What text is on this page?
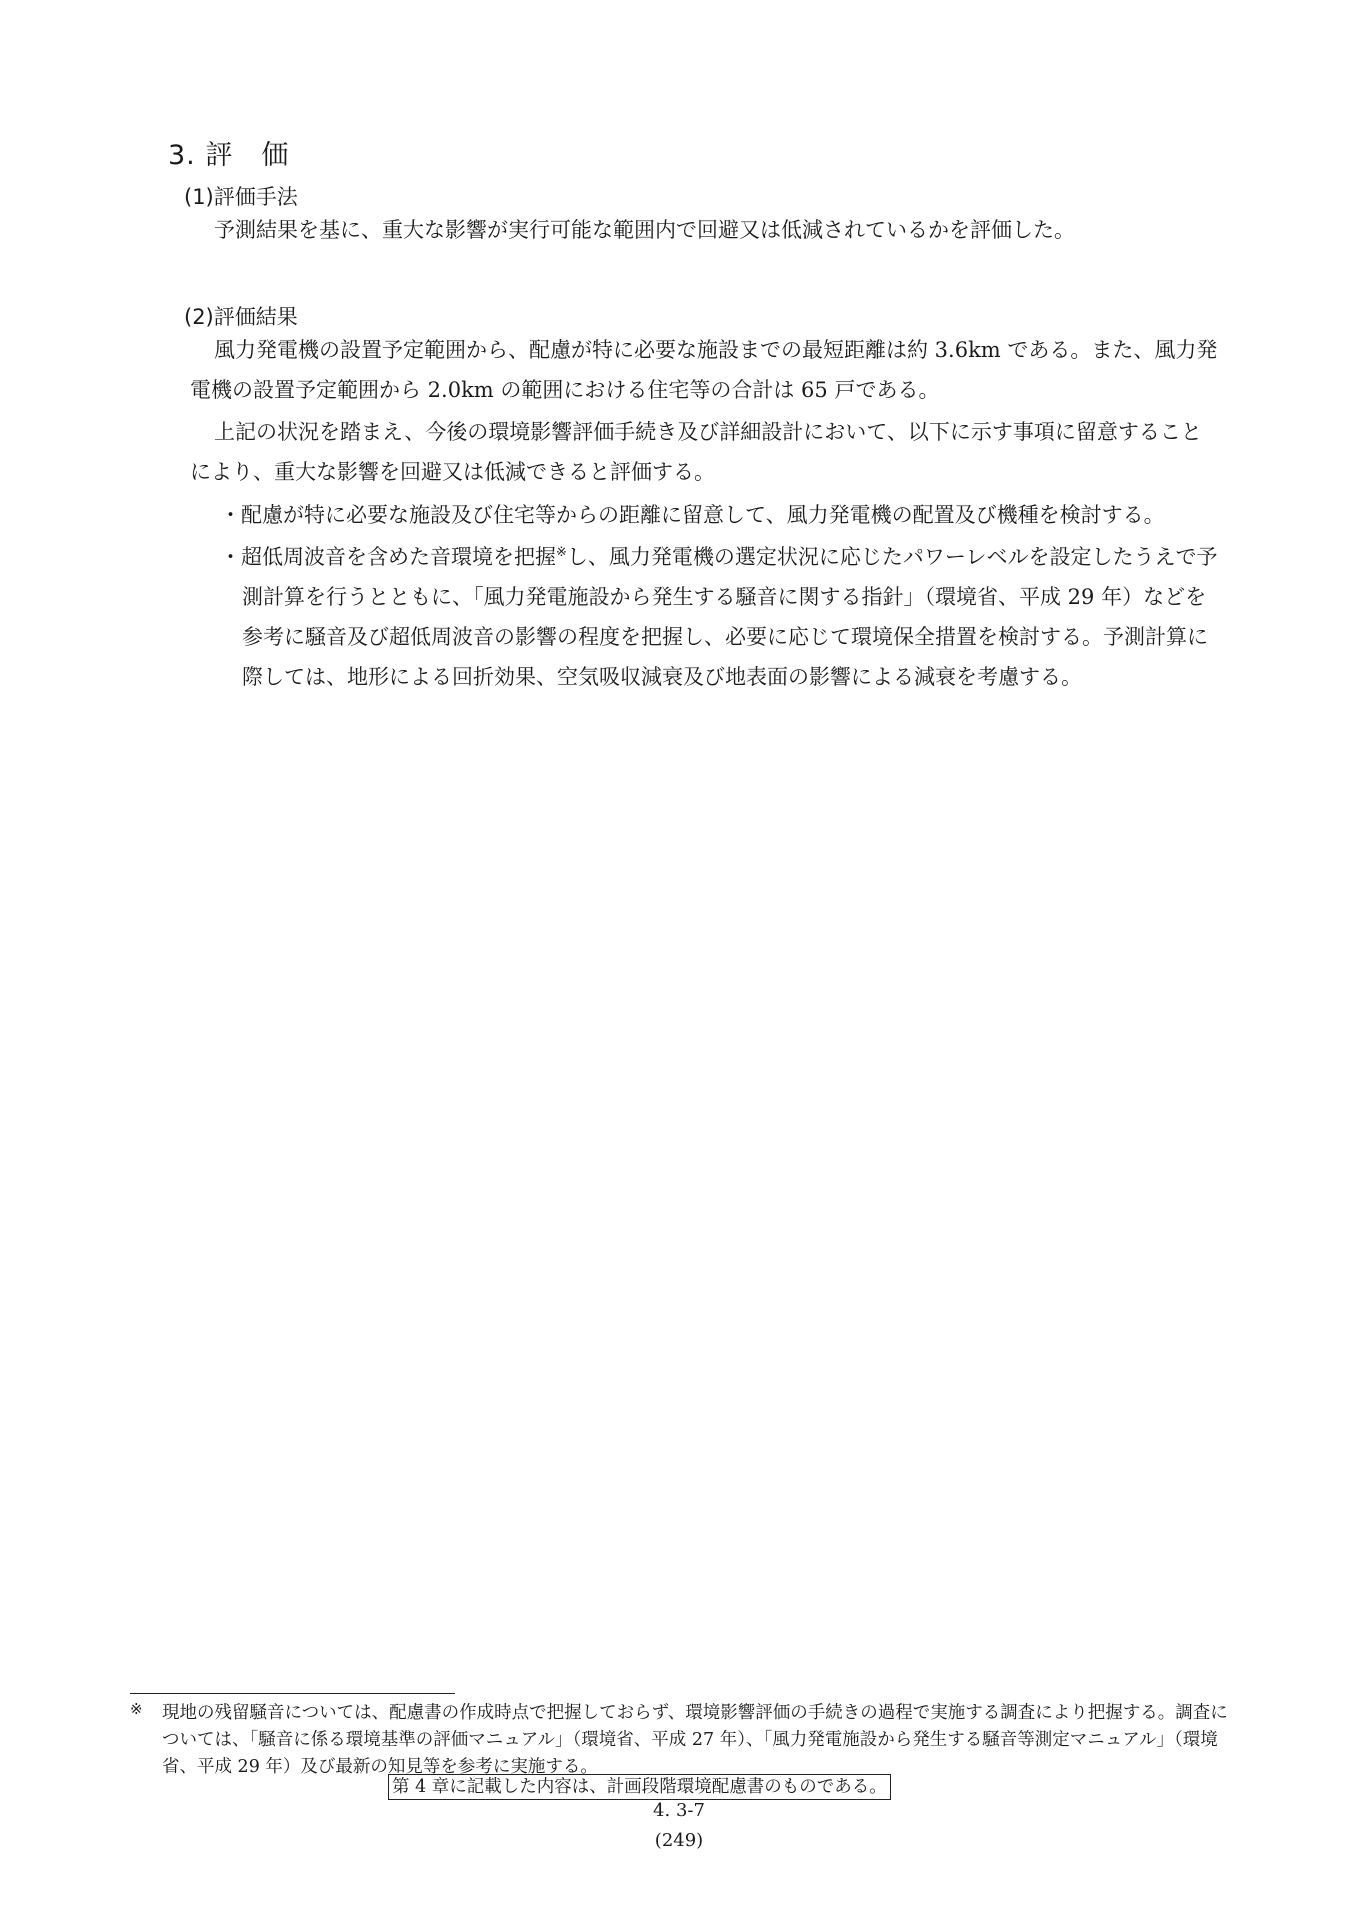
3. 評　価
(1)評価手法

予測結果を基に、重大な影響が実行可能な範囲内で回避又は低減されているかを評価した。

(2)評価結果

風力発電機の設置予定範囲から、配慮が特に必要な施設までの最短距離は約 3.6km である。また、風力発電機の設置予定範囲から 2.0km の範囲における住宅等の合計は 65 戸である。

上記の状況を踏まえ、今後の環境影響評価手続き及び詳細設計において、以下に示す事項に留意することにより、重大な影響を回避又は低減できると評価する。

・配慮が特に必要な施設及び住宅等からの距離に留意して、風力発電機の配置及び機種を検討する。
・超低周波音を含めた音環境を把握※し、風力発電機の選定状況に応じたパワーレベルを設定したうえで予測計算を行うとともに、「風力発電施設から発生する騒音に関する指針」（環境省、平成 29 年）などを参考に騒音及び超低周波音の影響の程度を把握し、必要に応じて環境保全措置を検討する。予測計算に際しては、地形による回折効果、空気吸収減衰及び地表面の影響による減衰を考慮する。
※ 現地の残留騒音については、配慮書の作成時点で把握しておらず、環境影響評価の手続きの過程で実施する調査により把握する。調査については、「騒音に係る環境基準の評価マニュアル」（環境省、平成 27 年）、「風力発電施設から発生する騒音等測定マニュアル」（環境省、平成 29 年）及び最新の知見等を参考に実施する。
第 4 章に記載した内容は、計画段階環境配慮書のものである。
4. 3-7
(249)
